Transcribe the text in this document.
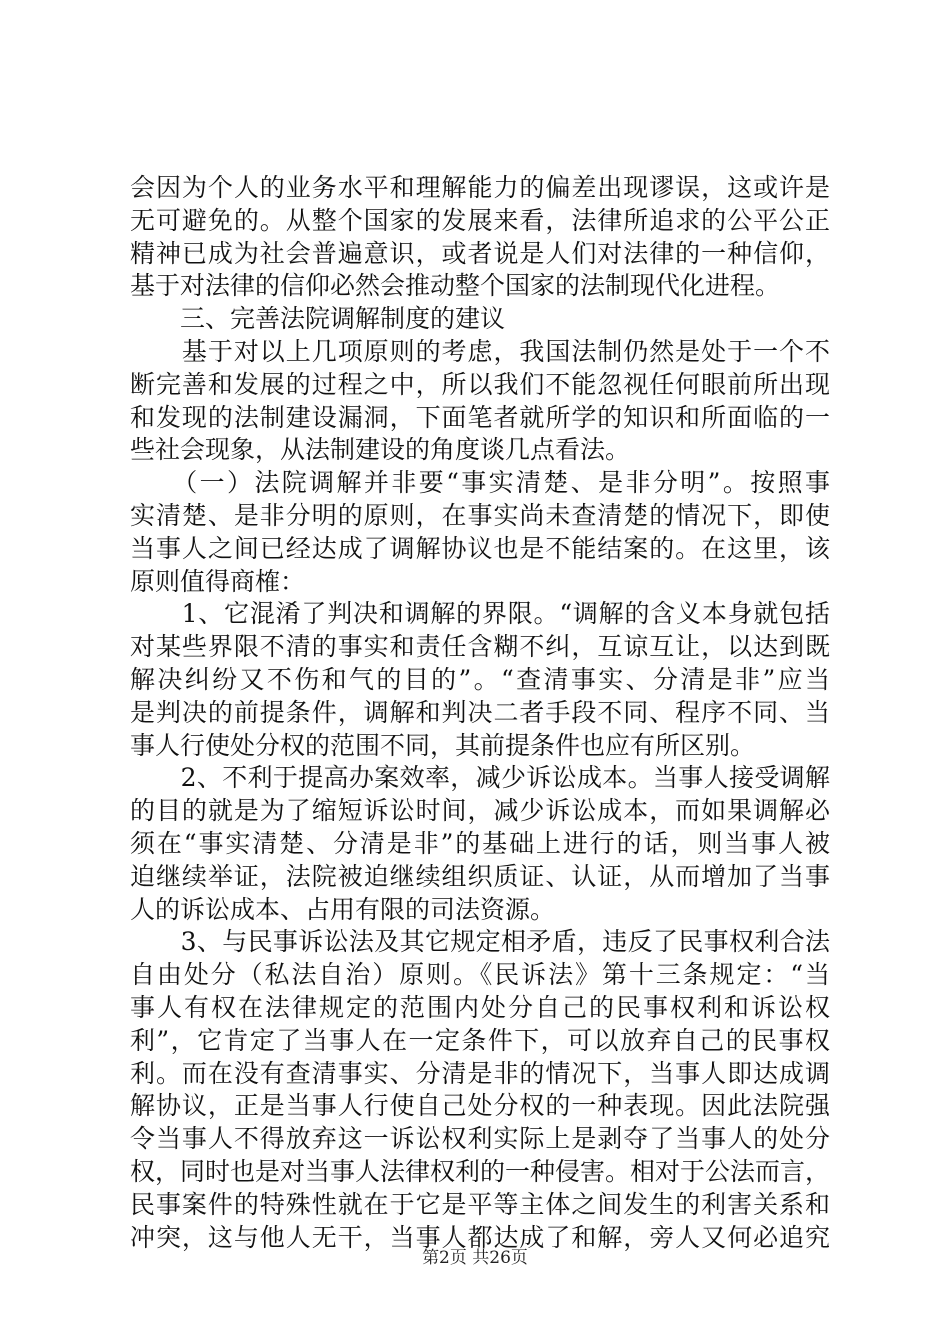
会因为个人的业务水平和理解能力的偏差出现谬误，这或许是
无可避免的。从整个国家的发展来看，法律所追求的公平公正
精神已成为社会普遍意识，或者说是人们对法律的一种信仰，
基于对法律的信仰必然会推动整个国家的法制现代化进程。
　　三、完善法院调解制度的建议
　　基于对以上几项原则的考虑，我国法制仍然是处于一个不
断完善和发展的过程之中，所以我们不能忽视任何眼前所出现
和发现的法制建设漏洞，下面笔者就所学的知识和所面临的一
些社会现象，从法制建设的角度谈几点看法。
　　（一）法院调解并非要“事实清楚、是非分明”。按照事
实清楚、是非分明的原则，在事实尚未查清楚的情况下，即使
当事人之间已经达成了调解协议也是不能结案的。在这里，该
原则值得商榷：
　　1、它混淆了判决和调解的界限。“调解的含义本身就包括
对某些界限不清的事实和责任含糊不纠，互谅互让，以达到既
解决纠纷又不伤和气的目的”。“查清事实、分清是非”应当
是判决的前提条件，调解和判决二者手段不同、程序不同、当
事人行使处分权的范围不同，其前提条件也应有所区别。
　　2、不利于提高办案效率，减少诉讼成本。当事人接受调解
的目的就是为了缩短诉讼时间，减少诉讼成本，而如果调解必
须在“事实清楚、分清是非”的基础上进行的话，则当事人被
迫继续举证，法院被迫继续组织质证、认证，从而增加了当事
人的诉讼成本、占用有限的司法资源。
　　3、与民事诉讼法及其它规定相矛盾，违反了民事权利合法
自由处分（私法自治）原则。《民诉法》第十三条规定：“当
事人有权在法律规定的范围内处分自己的民事权利和诉讼权
利”，它肯定了当事人在一定条件下，可以放弃自己的民事权
利。而在没有查清事实、分清是非的情况下，当事人即达成调
解协议，正是当事人行使自己处分权的一种表现。因此法院强
令当事人不得放弃这一诉讼权利实际上是剥夺了当事人的处分
权，同时也是对当事人法律权利的一种侵害。相对于公法而言，
民事案件的特殊性就在于它是平等主体之间发生的利害关系和
冲突，这与他人无干，当事人都达成了和解，旁人又何必追究
第2页 共26页
